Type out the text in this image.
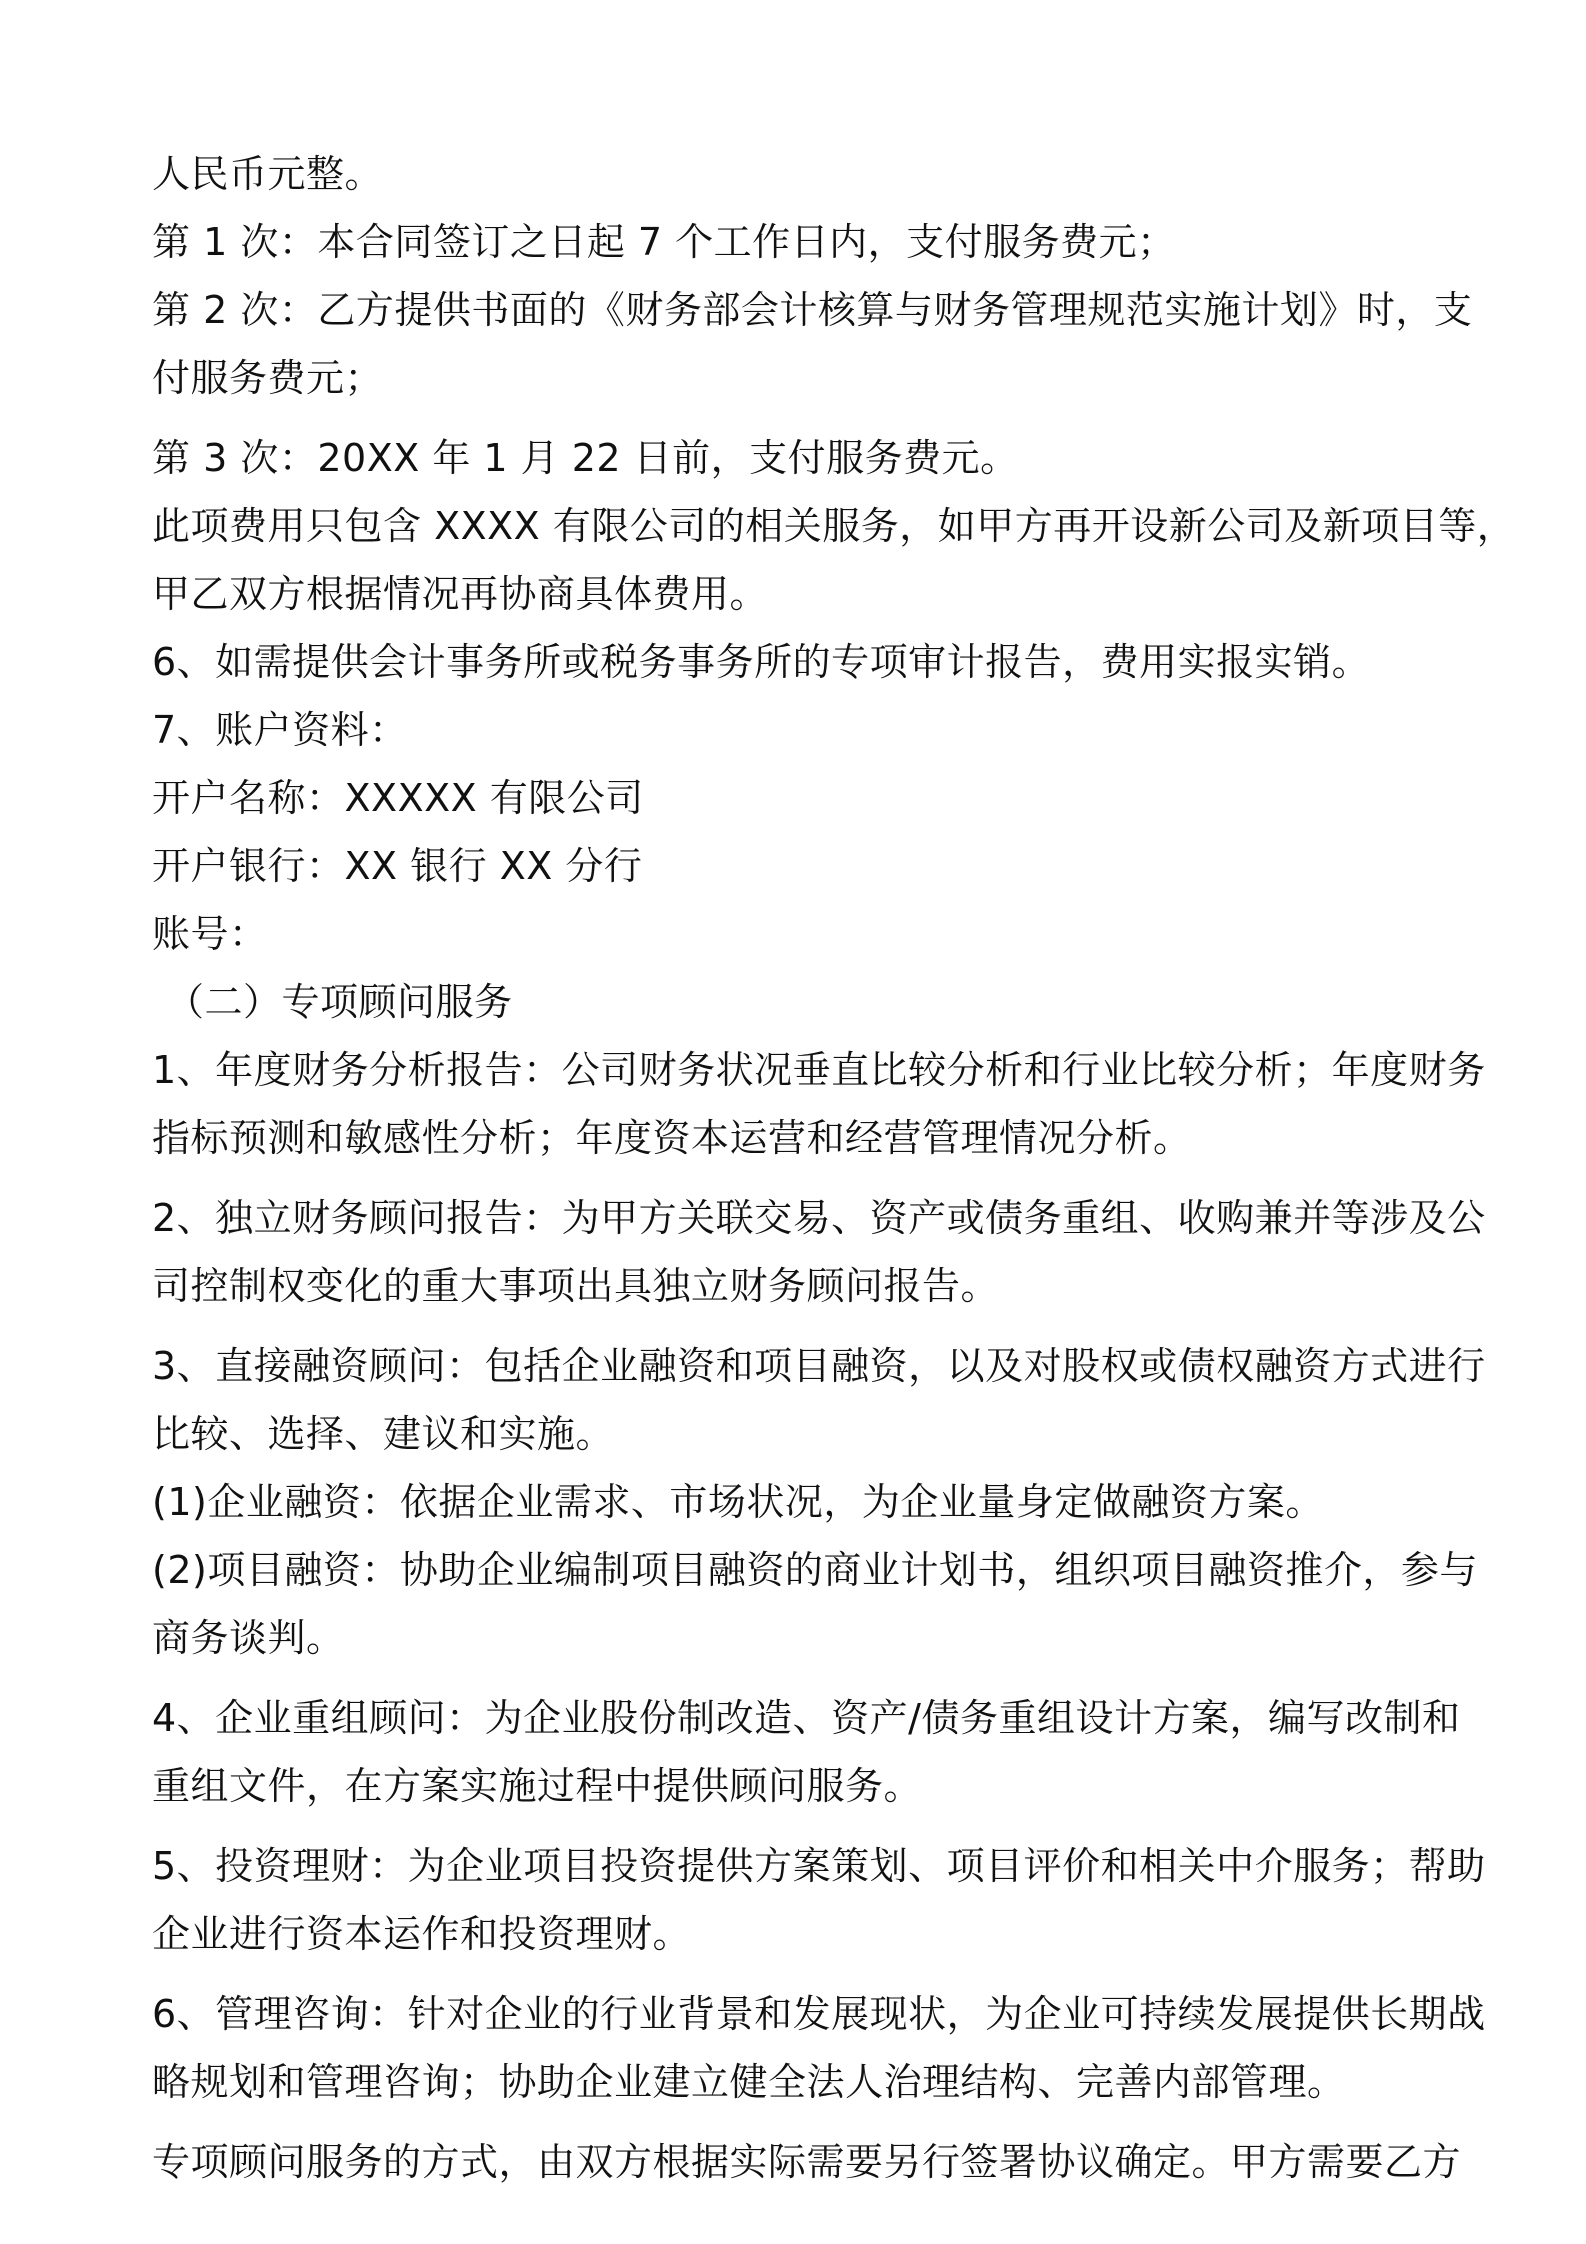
人民币元整。
第 1 次：本合同签订之日起 7 个工作日内，支付服务费元；
第 2 次：乙方提供书面的《财务部会计核算与财务管理规范实施计划》时，支
付服务费元；
第 3 次：20XX 年 1 月 22 日前，支付服务费元。
此项费用只包含 XXXX 有限公司的相关服务，如甲方再开设新公司及新项目等，
甲乙双方根据情况再协商具体费用。
6、如需提供会计事务所或税务事务所的专项审计报告，费用实报实销。
7、账户资料：
开户名称：XXXXX 有限公司
开户银行：XX 银行 XX 分行
账号：
（二）专项顾问服务
1、年度财务分析报告：公司财务状况垂直比较分析和行业比较分析；年度财务
指标预测和敏感性分析；年度资本运营和经营管理情况分析。
2、独立财务顾问报告：为甲方关联交易、资产或债务重组、收购兼并等涉及公
司控制权变化的重大事项出具独立财务顾问报告。
3、直接融资顾问：包括企业融资和项目融资，以及对股权或债权融资方式进行
比较、选择、建议和实施。
(1)企业融资：依据企业需求、市场状况，为企业量身定做融资方案。
(2)项目融资：协助企业编制项目融资的商业计划书，组织项目融资推介，参与
商务谈判。
4、企业重组顾问：为企业股份制改造、资产/债务重组设计方案，编写改制和
重组文件，在方案实施过程中提供顾问服务。
5、投资理财：为企业项目投资提供方案策划、项目评价和相关中介服务；帮助
企业进行资本运作和投资理财。
6、管理咨询：针对企业的行业背景和发展现状，为企业可持续发展提供长期战
略规划和管理咨询；协助企业建立健全法人治理结构、完善内部管理。
专项顾问服务的方式，由双方根据实际需要另行签署协议确定。甲方需要乙方
